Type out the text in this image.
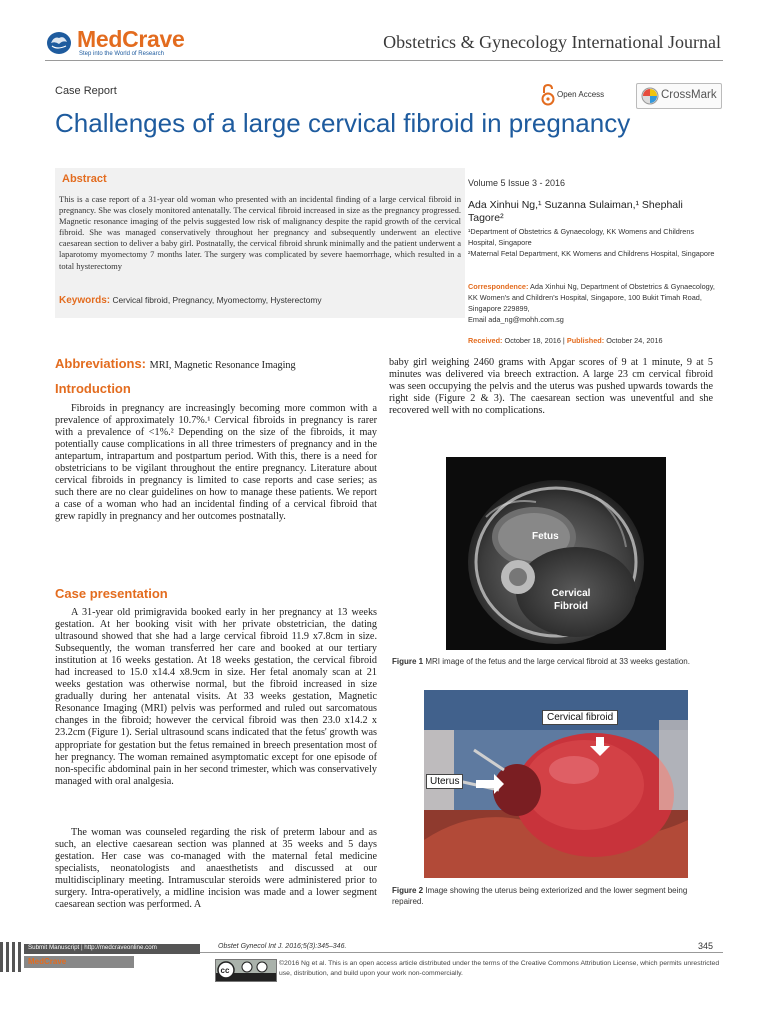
MedCrave
Step into the World of Research
Obstetrics & Gynecology International Journal
Case Report	Open Access	CrossMark
Challenges of a large cervical fibroid in pregnancy
Abstract
This is a case report of a 31-year old woman who presented with an incidental finding of a large cervical fibroid in pregnancy. She was closely monitored antenatally. The cervical fibroid increased in size as the pregnancy progressed. Magnetic resonance imaging of the pelvis suggested low risk of malignancy despite the rapid growth of the cervical fibroid. She was managed conservatively throughout her pregnancy and subsequently underwent an elective caesarean section to deliver a baby girl. Postnatally, the cervical fibroid shrunk minimally and the patient underwent a laparotomy myomectomy 7 months later. The surgery was complicated by severe haemorrhage, which resulted in a total hysterectomy
Keywords: Cervical fibroid, Pregnancy, Myomectomy, Hysterectomy
Volume 5 Issue 3 - 2016
Ada Xinhui Ng,¹ Suzanna Sulaiman,¹ Shephali Tagore²
¹Department of Obstetrics & Gynaecology, KK Womens and Childrens Hospital, Singapore
²Maternal Fetal Department, KK Womens and Childrens Hospital, Singapore
Correspondence: Ada Xinhui Ng, Department of Obstetrics & Gynaecology, KK Women's and Children's Hospital, Singapore, 100 Bukit Timah Road, Singapore 229899,
Email ada_ng@mohh.com.sg
Received: October 18, 2016 | Published: October 24, 2016
Abbreviations: MRI, Magnetic Resonance Imaging
Introduction

Fibroids in pregnancy are increasingly becoming more common with a prevalence of approximately 10.7%.¹ Cervical fibroids in pregnancy is rarer with a prevalence of <1%.² Depending on the size of the fibroids, it may potentially cause complications in all three trimesters of pregnancy and in the antepartum, intrapartum and postpartum period. With this, there is a need for obstetricians to be vigilant throughout the entire pregnancy. Literature about cervical fibroids in pregnancy is limited to case reports and case series; as such there are no clear guidelines on how to manage these patients. We report a case of a woman who had an incidental finding of a cervical fibroid that grew rapidly in pregnancy and her outcomes postnatally.

Case presentation

A 31-year old primigravida booked early in her pregnancy at 13 weeks gestation. At her booking visit with her private obstetrician, the dating ultrasound showed that she had a large cervical fibroid 11.9 x7.8cm in size. Subsequently, the woman transferred her care and booked at our tertiary institution at 16 weeks gestation. At 18 weeks gestation, the cervical fibroid had increased to 15.0 x14.4 x8.9cm in size. Her fetal anomaly scan at 21 weeks gestation was otherwise normal, but the fibroid increased in size gradually during her antenatal visits. At 33 weeks gestation, Magnetic Resonance Imaging (MRI) pelvis was performed and ruled out sarcomatous changes in the fibroid; however the cervical fibroid was then 23.0 x14.2 x 23.2cm (Figure 1). Serial ultrasound scans indicated that the fetus' growth was appropriate for gestation but the fetus remained in breech presentation most of her pregnancy. The woman remained asymptomatic except for one episode of non-specific abdominal pain in her second trimester, which was conservatively managed with oral analgesia.

The woman was counseled regarding the risk of preterm labour and as such, an elective caesarean section was planned at 35 weeks and 5 days gestation. Her case was co-managed with the maternal fetal medicine specialists, neonatologists and anaesthetists and discussed at our multidisciplinary meeting. Intramuscular steroids were administered prior to surgery. Intra-operatively, a midline incision was made and a lower segment caesarean section was performed. A

baby girl weighing 2460 grams with Apgar scores of 9 at 1 minute, 9 at 5 minutes was delivered via breech extraction. A large 23 cm cervical fibroid was seen occupying the pelvis and the uterus was pushed upwards towards the right side (Figure 2 & 3). The caesarean section was uneventful and she recovered well with no complications.
Fetus
Cervical
Fibroid
Figure 1 MRI image of the fetus and the large cervical fibroid at 33 weeks gestation.
Cervical fibroid
Uterus
Figure 2 Image showing the uterus being exteriorized and the lower segment being repaired.
Submit Manuscript | http://medcraveonline.com
MedCrave
Obstet Gynecol Int J. 2016;5(3):345‒346.	345
cc
©2016 Ng et al. This is an open access article distributed under the terms of the Creative Commons Attribution License, which permits unrestricted use, distribution, and build upon your work non-commercially.
